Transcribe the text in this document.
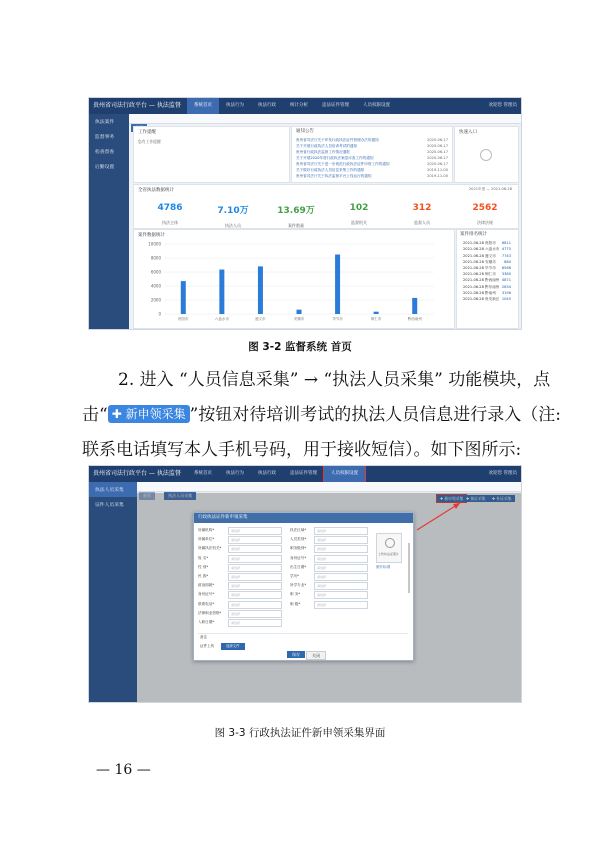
贵州省司法行政平台 — 执法监督	系统首页	执法行为	执法行政	统计分析	违法证件管理	人员权限设置	欢迎您 管理员
执法案件
监督事务
检查督查
后勤设置
工作提醒
您有工作提醒
通知公告
贵州省司法厅关于印发行政执法证件管理办法的通知	2020-06-17
关于开展行政执法人员培训考试的通知	2020-06-17
贵州省行政执法监督工作情况通报	2020-06-17
关于开展2020年度行政执法案卷评查工作的通知	2020-06-17
贵州省司法厅关于进一步规范行政执法证件申领工作的通知	2020-06-17
关于做好行政执法人员信息采集工作的通知	2019-11-00
贵州省司法厅关于执法监督平台上线运行的通知	2019-11-00
快速入口
全省执法数据统计	2021年度 — 2021-06-28
4786
执法主体
7.10万
执法人员
13.69万
案件数量
102
监督机关
312
监督人员
2562
法律法规
案件数据统计
10000
8000
6000
4000
2000
0
贵阳市	六盘水市	遵义市	安顺市	毕节市	铜仁市	黔西南州
案件排名统计
2021-06-28 贵阳市 6811
2021-06-28 六盘水市 4775
2021-06-28 遵义市 7743
2021-06-28 安顺市 880
2021-06-28 毕节市 8566
2021-06-28 铜仁市 3380
2021-06-28 黔西南州 4871
2021-06-28 黔东南州 2634
2021-06-28 黔南州 3196
2021-06-28 贵安新区 1045
图 3-2 监督系统 首页
2. 进入 “人员信息采集” → “执法人员采集” 功能模块，点
击“ ✚ 新申领采集 ”按钮对待培训考试的执法人员信息进行录入（注:
联系电话填写本人手机号码，用于接收短信）。如下图所示:
贵州省司法行政平台 — 执法监督	系统首页	执法行为	执法行政	违法证件管理	人员权限设置	欢迎您 管理员
执法人员采集
证件人员采集
首页	执法人员采集
✚ 新申领采集 ✚ 换证采集	✚ 补证采集
行政执法证件新申领采集
所属机构*	请选择
所属单位*	请选择
所属执法机关*	请选择
姓 名*	请选择
性 别*	请选择
民 族*	请选择
政治面貌*	请选择
身份证号*	请选择
联系电话*	请选择
法律职业资格*	请选择
入职日期*	请选择
执法区域*	请选择
人员类别*	请选择
职务级别*	请选择
身份证号*	请选择
出生日期*	请选择
学历*	请选择
所学专业*	请选择
职 务*	请选择
职 级*	请选择
上传执法证照片
照片标准
备注
证件上传	选择文件
保存	关闭
图 3-3 行政执法证件新申领采集界面
— 16 —
